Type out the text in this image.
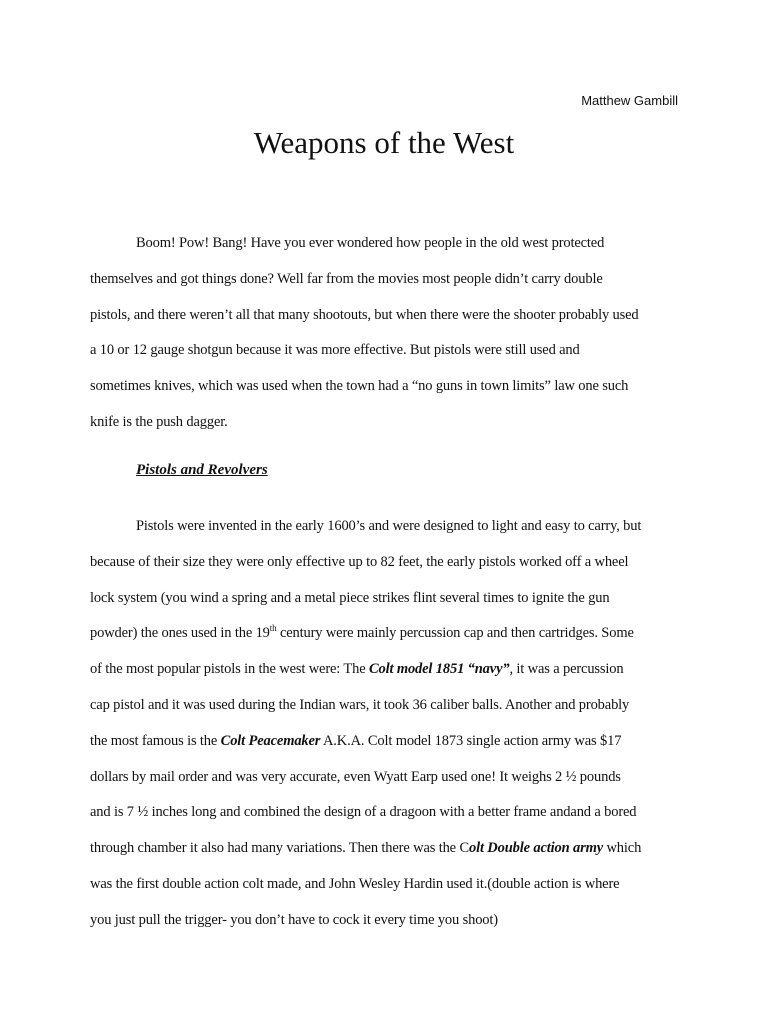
Matthew Gambill
Weapons of the West

Boom! Pow! Bang! Have you ever wondered how people in the old west protected
themselves and got things done? Well far from the movies most people didn’t carry double
pistols, and there weren’t all that many shootouts, but when there were the shooter probably used
a 10 or 12 gauge shotgun because it was more effective. But pistols were still used and
sometimes knives, which was used when the town had a “no guns in town limits” law one such
knife is the push dagger.

Pistols and Revolvers

Pistols were invented in the early 1600’s and were designed to light and easy to carry, but
because of their size they were only effective up to 82 feet, the early pistols worked off a wheel
lock system (you wind a spring and a metal piece strikes flint several times to ignite the gun
powder) the ones used in the 19th century were mainly percussion cap and then cartridges. Some
of the most popular pistols in the west were: The Colt model 1851 “navy”, it was a percussion
cap pistol and it was used during the Indian wars, it took 36 caliber balls. Another and probably
the most famous is the Colt Peacemaker A.K.A. Colt model 1873 single action army was $17
dollars by mail order and was very accurate, even Wyatt Earp used one! It weighs 2 ½ pounds
and is 7 ½ inches long and combined the design of a dragoon with a better frame andand a bored
through chamber it also had many variations. Then there was the Colt Double action army which
was the first double action colt made, and John Wesley Hardin used it.(double action is where
you just pull the trigger- you don’t have to cock it every time you shoot)
